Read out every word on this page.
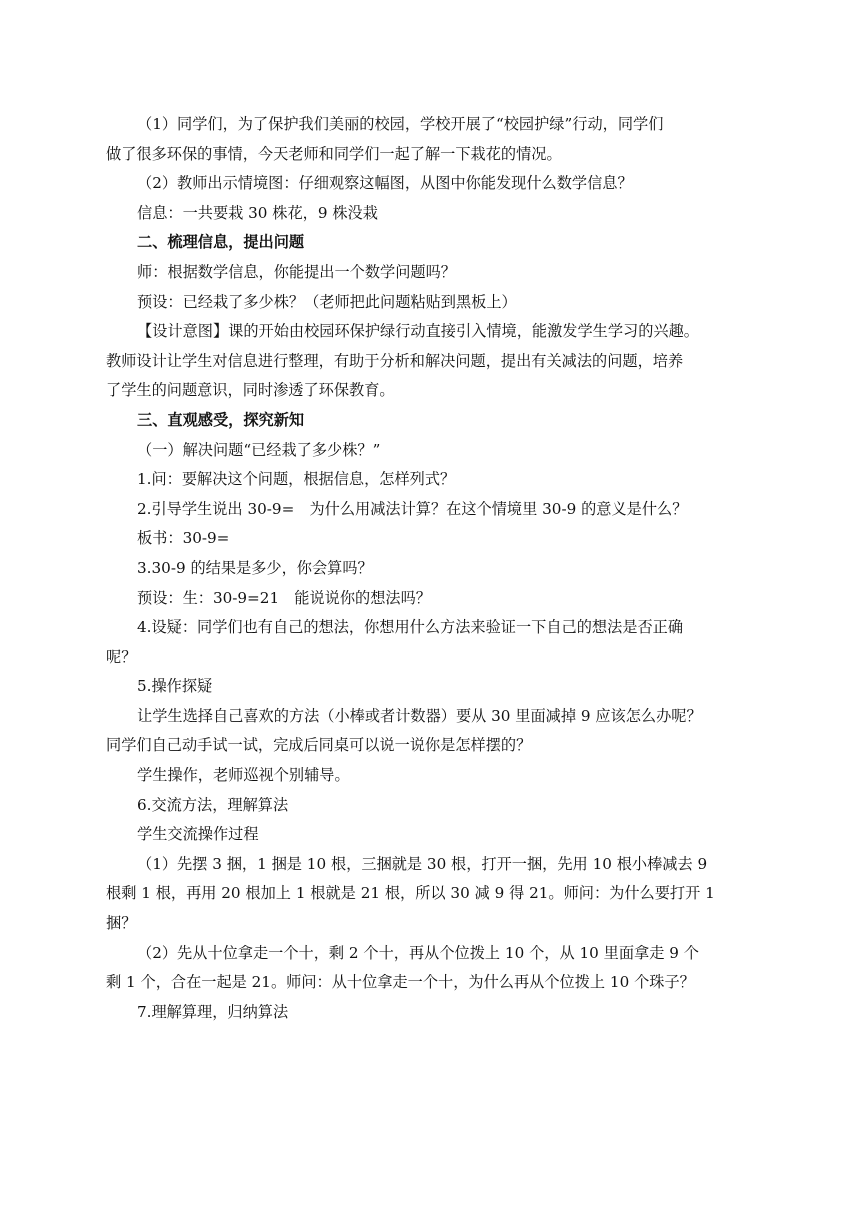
（1）同学们，为了保护我们美丽的校园，学校开展了“校园护绿”行动，同学们

做了很多环保的事情，今天老师和同学们一起了解一下栽花的情况。

（2）教师出示情境图：仔细观察这幅图，从图中你能发现什么数学信息？

信息：一共要栽 30 株花，9 株没栽

二、梳理信息，提出问题

师：根据数学信息，你能提出一个数学问题吗？

预设：已经栽了多少株？（老师把此问题粘贴到黑板上）

【设计意图】课的开始由校园环保护绿行动直接引入情境，能激发学生学习的兴趣。

教师设计让学生对信息进行整理，有助于分析和解决问题，提出有关减法的问题，培养

了学生的问题意识，同时渗透了环保教育。

三、直观感受，探究新知

（一）解决问题“已经栽了多少株？”

1.问：要解决这个问题，根据信息，怎样列式？

2.引导学生说出 30-9=　为什么用减法计算？在这个情境里 30-9 的意义是什么？

板书：30-9=

3.30-9 的结果是多少，你会算吗？

预设：生：30-9=21　能说说你的想法吗？

4.设疑：同学们也有自己的想法，你想用什么方法来验证一下自己的想法是否正确

呢？

5.操作探疑

让学生选择自己喜欢的方法（小棒或者计数器）要从 30 里面减掉 9 应该怎么办呢？

同学们自己动手试一试，完成后同桌可以说一说你是怎样摆的？

学生操作，老师巡视个别辅导。

6.交流方法，理解算法

学生交流操作过程

（1）先摆 3 捆，1 捆是 10 根，三捆就是 30 根，打开一捆，先用 10 根小棒减去 9

根剩 1 根，再用 20 根加上 1 根就是 21 根，所以 30 减 9 得 21。师问：为什么要打开 1

捆？

（2）先从十位拿走一个十，剩 2 个十，再从个位拨上 10 个，从 10 里面拿走 9 个

剩 1 个，合在一起是 21。师问：从十位拿走一个十，为什么再从个位拨上 10 个珠子？

7.理解算理，归纳算法
